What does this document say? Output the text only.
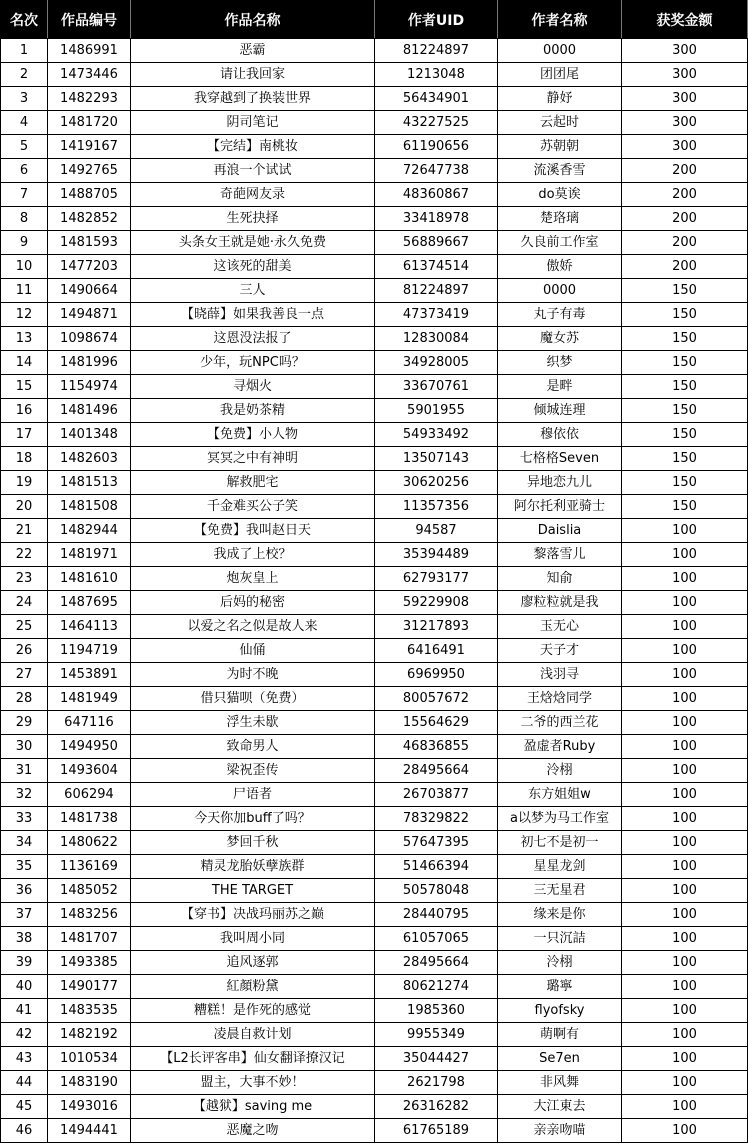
名次	作品编号	作品名称	作者UID	作者名称	获奖金额
1	1486991	恶霸	81224897	0000	300
2	1473446	请让我回家	1213048	团团尾	300
3	1482293	我穿越到了换装世界	56434901	静妤	300
4	1481720	阴司笔记	43227525	云起时	300
5	1419167	【完结】南桃妆	61190656	苏朝朝	300
6	1492765	再浪一个试试	72647738	流溪香雪	200
7	1488705	奇葩网友录	48360867	do莫诶	200
8	1482852	生死抉择	33418978	楚珞璃	200
9	1481593	头条女王就是她·永久免费	56889667	久良前工作室	200
10	1477203	这该死的甜美	61374514	傲娇	200
11	1490664	三人	81224897	0000	150
12	1494871	【晓薛】如果我善良一点	47373419	丸子有毒	150
13	1098674	这恩没法报了	12830084	魔女苏	150
14	1481996	少年，玩NPC吗？	34928005	织梦	150
15	1154974	寻烟火	33670761	是畔	150
16	1481496	我是奶茶精	5901955	倾城连理	150
17	1401348	【免费】小人物	54933492	穆依依	150
18	1482603	冥冥之中有神明	13507143	七格格Seven	150
19	1481513	解救肥宅	30620256	异地恋九儿	150
20	1481508	千金难买公子笑	11357356	阿尔托利亚骑士	150
21	1482944	【免费】我叫赵日天	94587	Daislia	100
22	1481971	我成了上校？	35394489	黎落雪儿	100
23	1481610	炮灰皇上	62793177	知俞	100
24	1487695	后妈的秘密	59229908	廖粒粒就是我	100
25	1464113	以爱之名之似是故人来	31217893	玉无心	100
26	1194719	仙俑	6416491	天子才	100
27	1453891	为时不晚	6969950	浅羽寻	100
28	1481949	借只猫呗（免费）	80057672	王焓焓同学	100
29	647116	浮生未歇	15564629	二爷的西兰花	100
30	1494950	致命男人	46836855	盈虚者Ruby	100
31	1493604	梁祝歪传	28495664	泠栩	100
32	606294	尸语者	26703877	东方姐姐w	100
33	1481738	今天你加buff了吗？	78329822	a以梦为马工作室	100
34	1480622	梦回千秋	57647395	初七不是初一	100
35	1136169	精灵龙胎妖孽族群	51466394	星星龙剑	100
36	1485052	THE TARGET	50578048	三无星君	100
37	1483256	【穿书】决战玛丽苏之巅	28440795	缘来是你	100
38	1481707	我叫周小同	61057065	一只沉詰	100
39	1493385	追风逐郭	28495664	泠栩	100
40	1490177	紅顏粉黛	80621274	璐寧	100
41	1483535	糟糕！是作死的感觉	1985360	flyofsky	100
42	1482192	凌晨自救计划	9955349	萌啊有	100
43	1010534	【L2长评客串】仙女翻译撩汉记	35044427	Se7en	100
44	1483190	盟主，大事不妙！	2621798	非风舞	100
45	1493016	【越狱】saving me	26316282	大江東去	100
46	1494441	恶魔之吻	61765189	亲亲吻喵	100
